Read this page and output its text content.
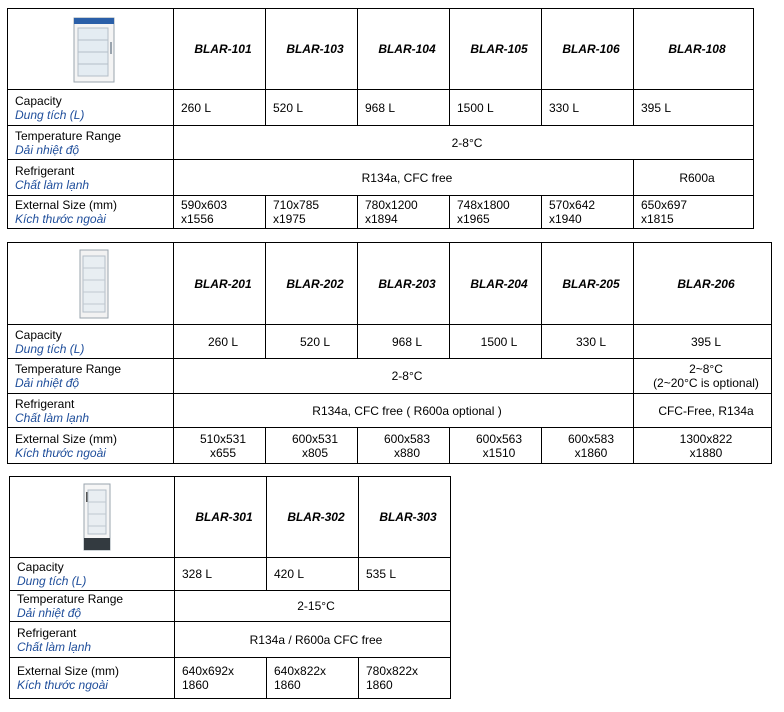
	BLAR-101	BLAR-103	BLAR-104	BLAR-105	BLAR-106	BLAR-108

Capacity
Dung tích (L)	260 L	520 L	968 L	1500 L	330 L	395 L

Temperature Range
Dải nhiệt độ	2-8°C					

Refrigerant
Chất làm lạnh	R134a, CFC free					R600a

External Size (mm)
Kích thước ngoài	590x603
x1556	710x785
x1975	780x1200
x1894	748x1800
x1965	570x642
x1940	650x697
x1815
	BLAR-201	BLAR-202	BLAR-203	BLAR-204	BLAR-205	BLAR-206

Capacity
Dung tích (L)	260 L	520 L	968 L	1500 L	330 L	395 L

Temperature Range
Dải nhiệt độ	2-8°C					2~8°C
(2~20°C is optional)

Refrigerant
Chất làm lạnh	R134a, CFC free ( R600a optional )					CFC-Free, R134a

External Size (mm)
Kích thước ngoài	510x531
x655	600x531
x805	600x583
x880	600x563
x1510	600x583
x1860	1300x822
x1880
	BLAR-301	BLAR-302	BLAR-303

Capacity
Dung tích (L)	328 L	420 L	535 L

Temperature Range
Dải nhiệt độ	2-15°C		

Refrigerant
Chất làm lạnh	R134a / R600a CFC free		

External Size (mm)
Kích thước ngoài	640x692x
1860	640x822x
1860	780x822x
1860
